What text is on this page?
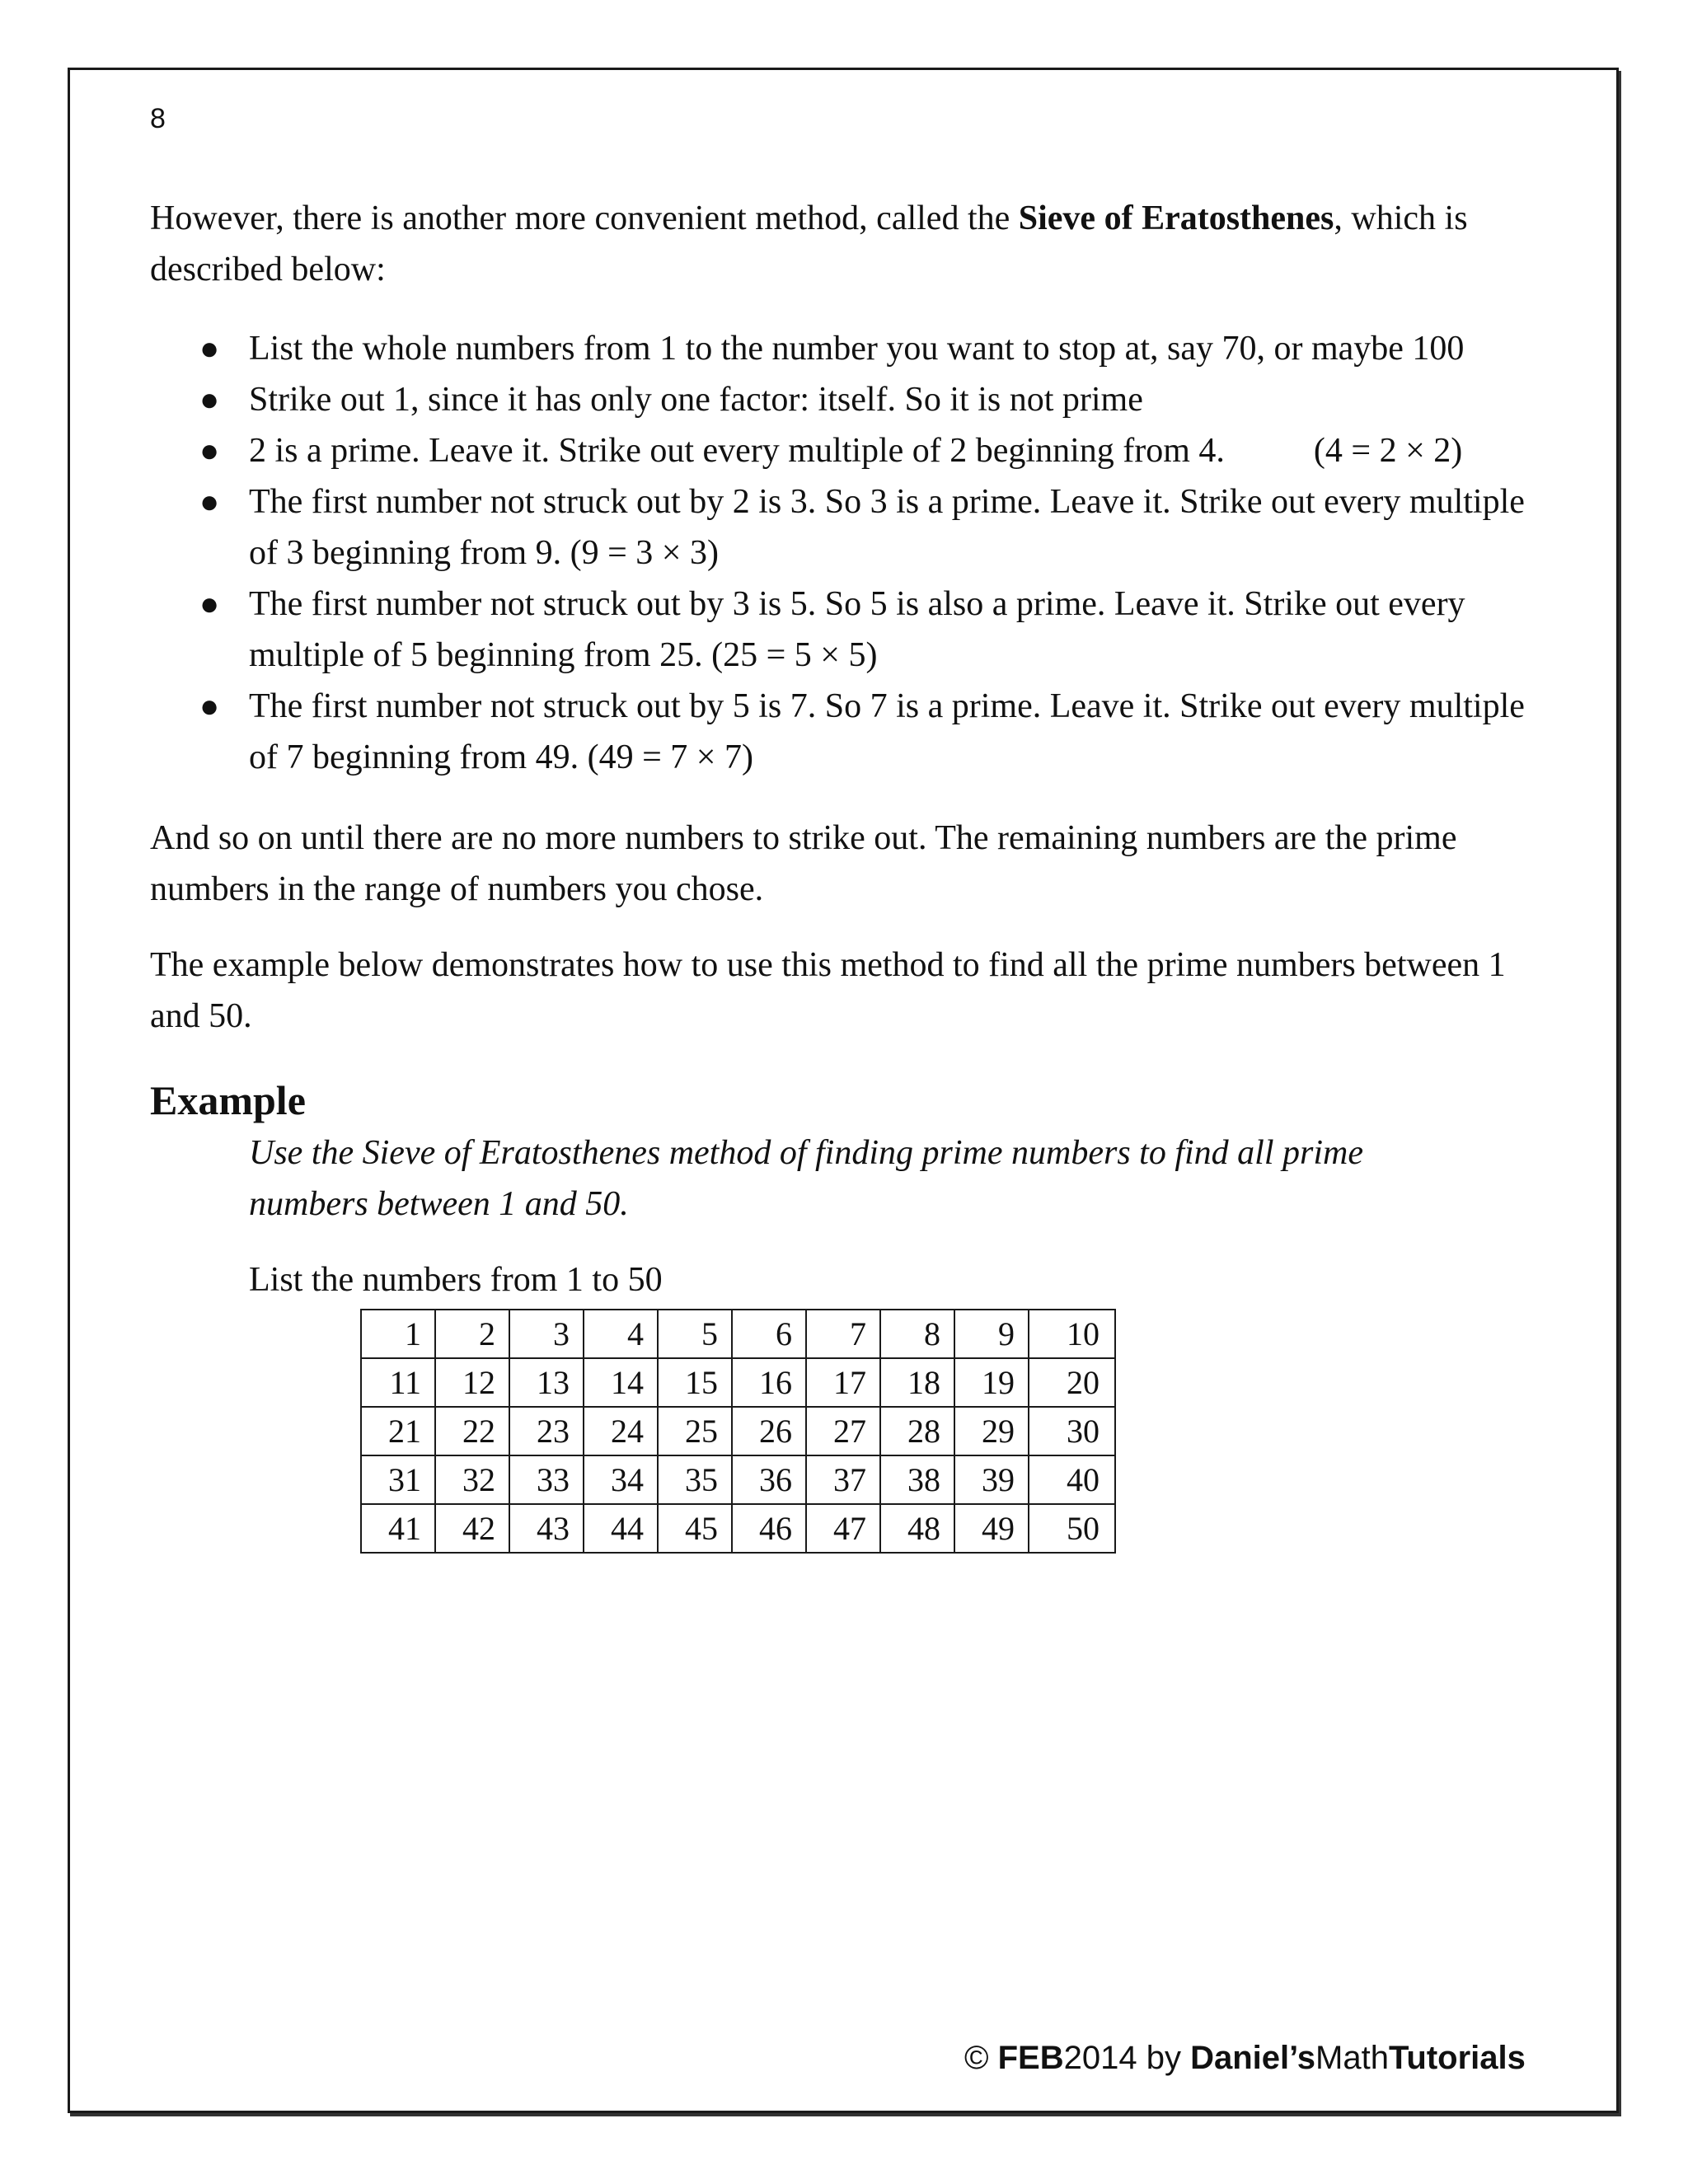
8

However, there is another more convenient method, called the Sieve of Eratosthenes, which is described below:

● List the whole numbers from 1 to the number you want to stop at, say 70, or maybe 100
● Strike out 1, since it has only one factor: itself. So it is not prime
● 2 is a prime. Leave it. Strike out every multiple of 2 beginning from 4.	(4 = 2 × 2)
● The first number not struck out by 2 is 3. So 3 is a prime. Leave it. Strike out every multiple of 3 beginning from 9. (9 = 3 × 3)
● The first number not struck out by 3 is 5. So 5 is also a prime. Leave it. Strike out every multiple of 5 beginning from 25. (25 = 5 × 5)
● The first number not struck out by 5 is 7. So 7 is a prime. Leave it. Strike out every multiple of 7 beginning from 49. (49 = 7 × 7)

And so on until there are no more numbers to strike out. The remaining numbers are the prime numbers in the range of numbers you chose.

The example below demonstrates how to use this method to find all the prime numbers between 1 and 50.

Example

Use the Sieve of Eratosthenes method of finding prime numbers to find all prime numbers between 1 and 50.

List the numbers from 1 to 50

1	2	3	4	5	6	7	8	9	10
11	12	13	14	15	16	17	18	19	20
21	22	23	24	25	26	27	28	29	30
31	32	33	34	35	36	37	38	39	40
41	42	43	44	45	46	47	48	49	50
© FEB2014 by Daniel’sMathTutorials
